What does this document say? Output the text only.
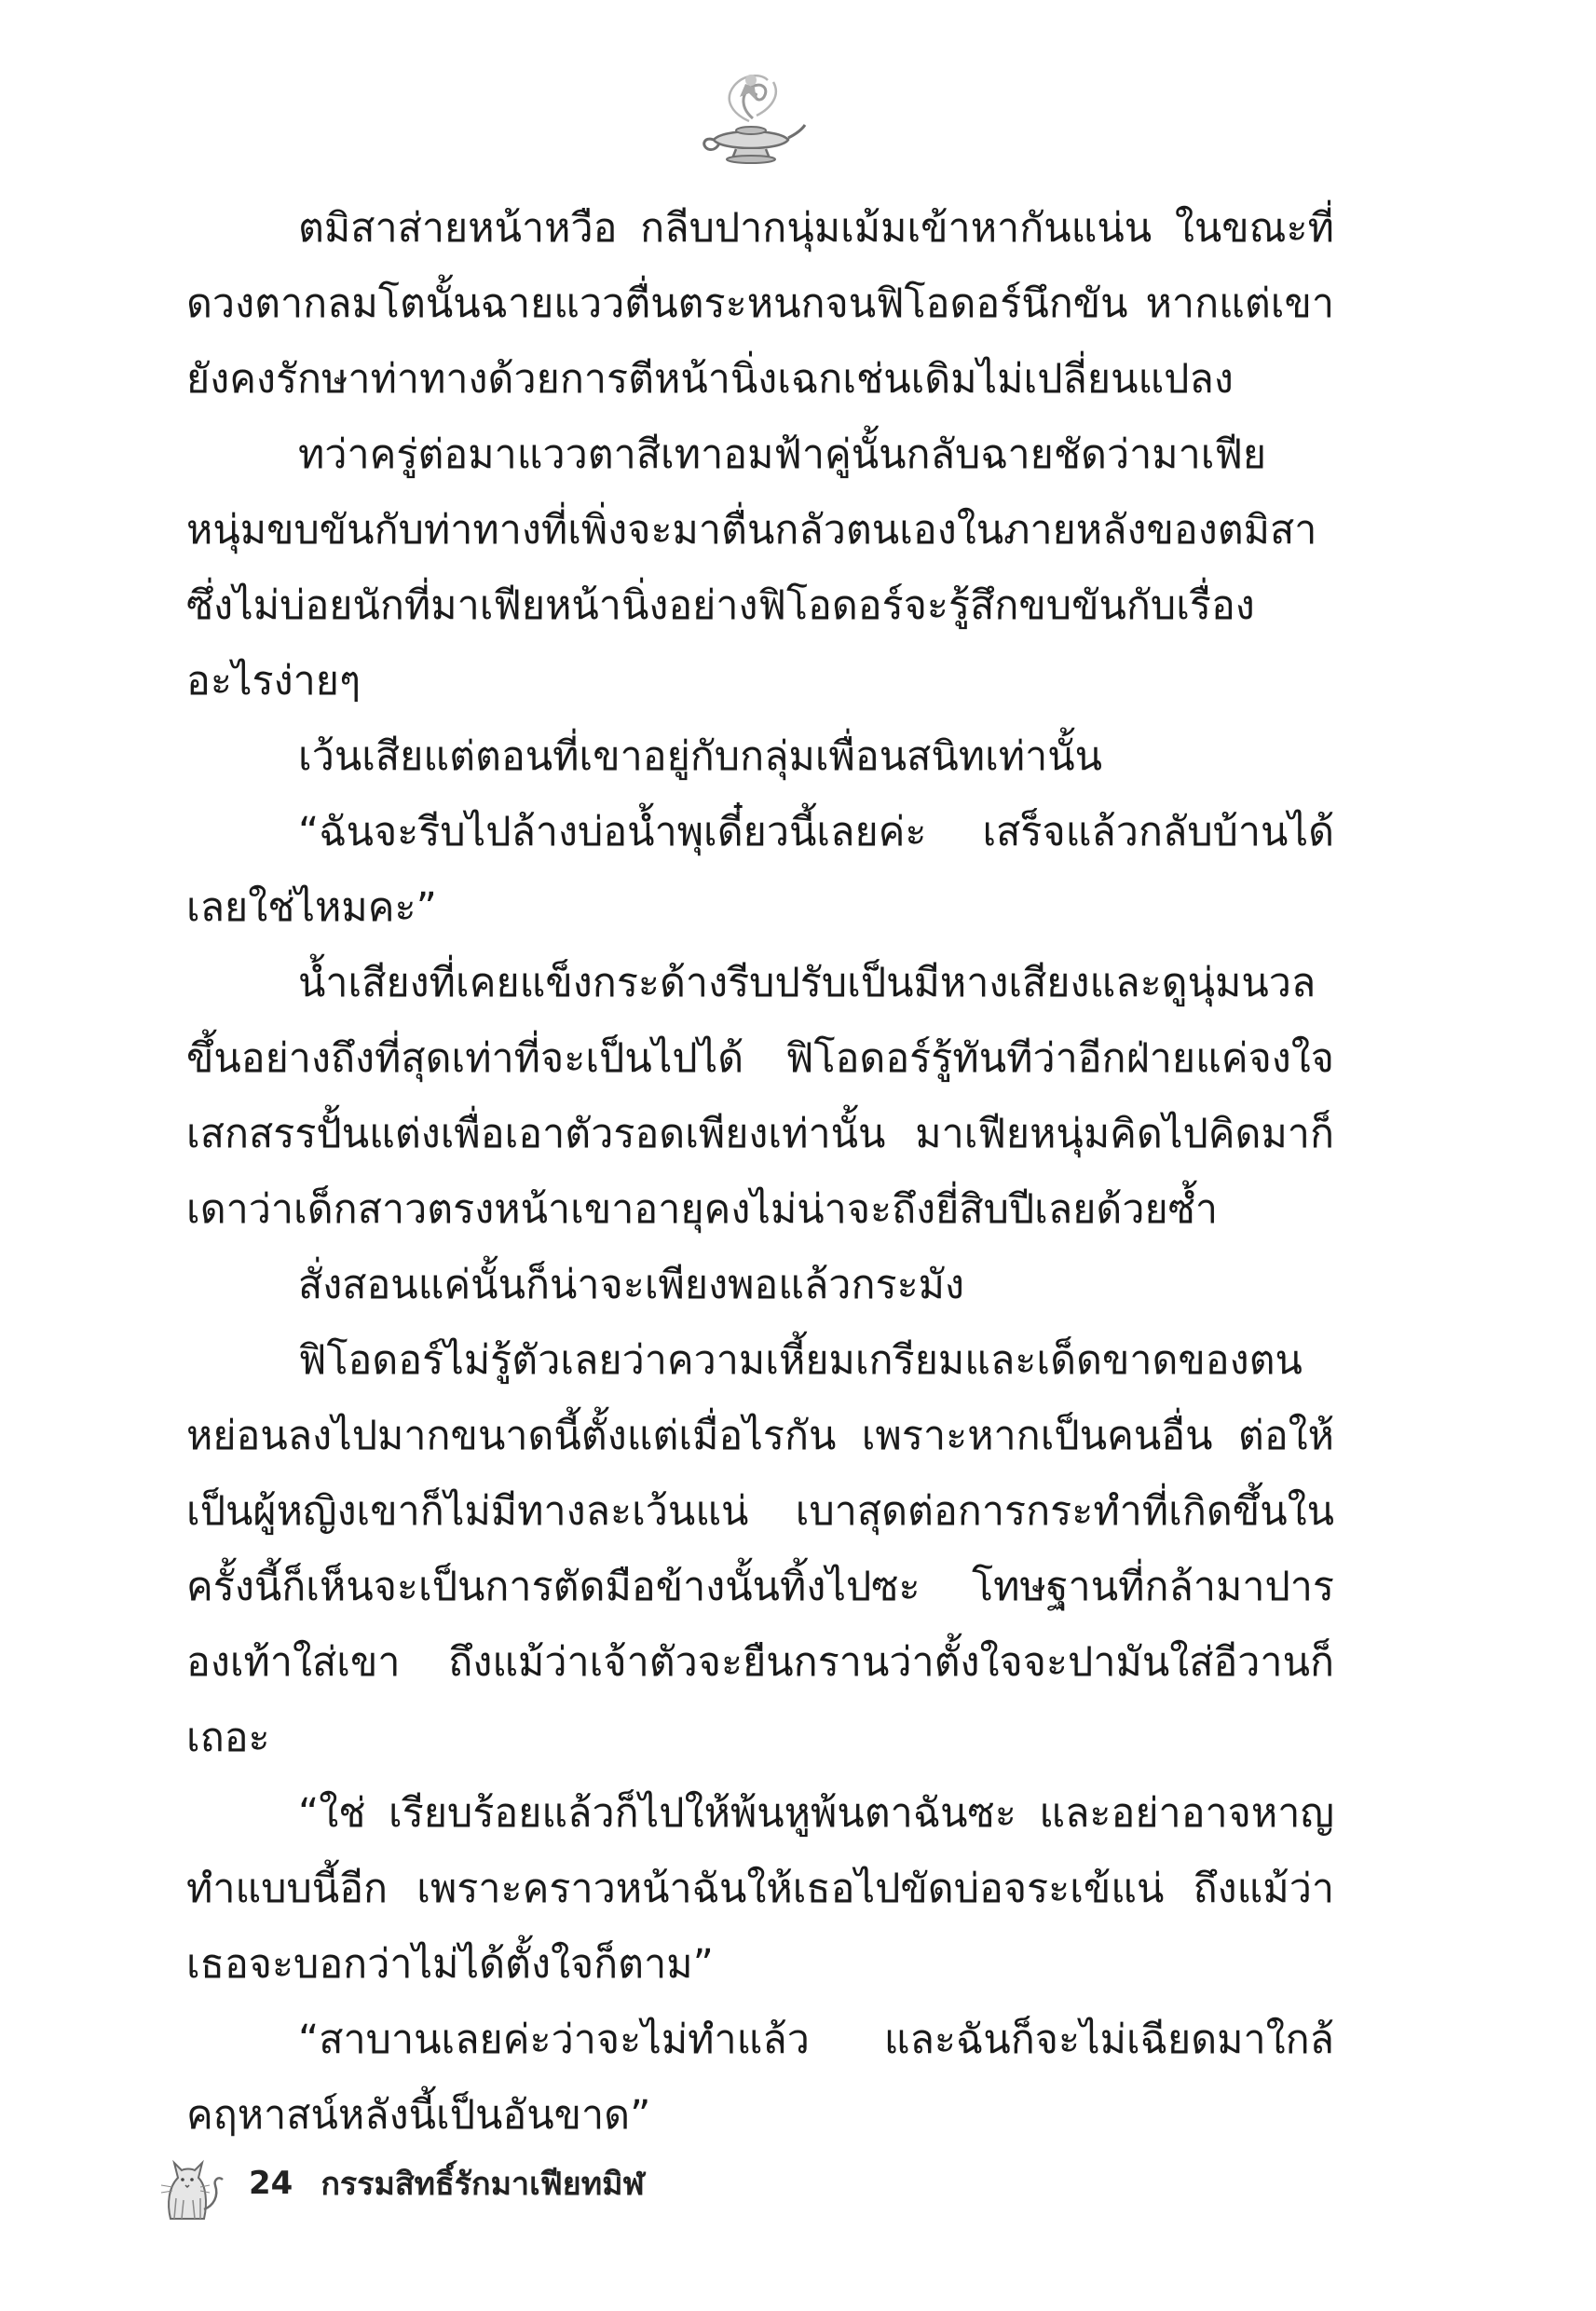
ตมิสาส่ายหน้าหวือ กลีบปากนุ่มเม้มเข้าหากันแน่น ในขณะที่ดวงตากลมโตนั้นฉายแววตื่นตระหนกจนฟิโอดอร์นึกขัน หากแต่เขายังคงรักษาท่าทางด้วยการตีหน้านิ่งเฉกเช่นเดิมไม่เปลี่ยนแปลง

ทว่าครู่ต่อมาแววตาสีเทาอมฟ้าคู่นั้นกลับฉายชัดว่ามาเฟียหนุ่มขบขันกับท่าทางที่เพิ่งจะมาตื่นกลัวตนเองในภายหลังของตมิสา ซึ่งไม่บ่อยนักที่มาเฟียหน้านิ่งอย่างฟิโอดอร์จะรู้สึกขบขันกับเรื่องอะไรง่ายๆ

เว้นเสียแต่ตอนที่เขาอยู่กับกลุ่มเพื่อนสนิทเท่านั้น

“ฉันจะรีบไปล้างบ่อน้ำพุเดี๋ยวนี้เลยค่ะ เสร็จแล้วกลับบ้านได้เลยใช่ไหมคะ”

น้ำเสียงที่เคยแข็งกระด้างรีบปรับเป็นมีหางเสียงและดูนุ่มนวลขึ้นอย่างถึงที่สุดเท่าที่จะเป็นไปได้ ฟิโอดอร์รู้ทันทีว่าอีกฝ่ายแค่จงใจเสกสรรปั้นแต่งเพื่อเอาตัวรอดเพียงเท่านั้น มาเฟียหนุ่มคิดไปคิดมาก็เดาว่าเด็กสาวตรงหน้าเขาอายุคงไม่น่าจะถึงยี่สิบปีเลยด้วยซ้ำ

สั่งสอนแค่นั้นก็น่าจะเพียงพอแล้วกระมัง

ฟิโอดอร์ไม่รู้ตัวเลยว่าความเหี้ยมเกรียมและเด็ดขาดของตนหย่อนลงไปมากขนาดนี้ตั้งแต่เมื่อไรกัน เพราะหากเป็นคนอื่น ต่อให้เป็นผู้หญิงเขาก็ไม่มีทางละเว้นแน่ เบาสุดต่อการกระทำที่เกิดขึ้นในครั้งนี้ก็เห็นจะเป็นการตัดมือข้างนั้นทิ้งไปซะ โทษฐานที่กล้ามาปารองเท้าใส่เขา ถึงแม้ว่าเจ้าตัวจะยืนกรานว่าตั้งใจจะปามันใส่อีวานก็เถอะ

“ใช่ เรียบร้อยแล้วก็ไปให้พ้นหูพ้นตาฉันซะ และอย่าอาจหาญทำแบบนี้อีก เพราะคราวหน้าฉันให้เธอไปขัดบ่อจระเข้แน่ ถึงแม้ว่าเธอจะบอกว่าไม่ได้ตั้งใจก็ตาม”

“สาบานเลยค่ะว่าจะไม่ทำแล้ว และฉันก็จะไม่เฉียดมาใกล้คฤหาสน์หลังนี้เป็นอันขาด”

24 กรรมสิทธิ์รักมาเฟียทมิฬ
